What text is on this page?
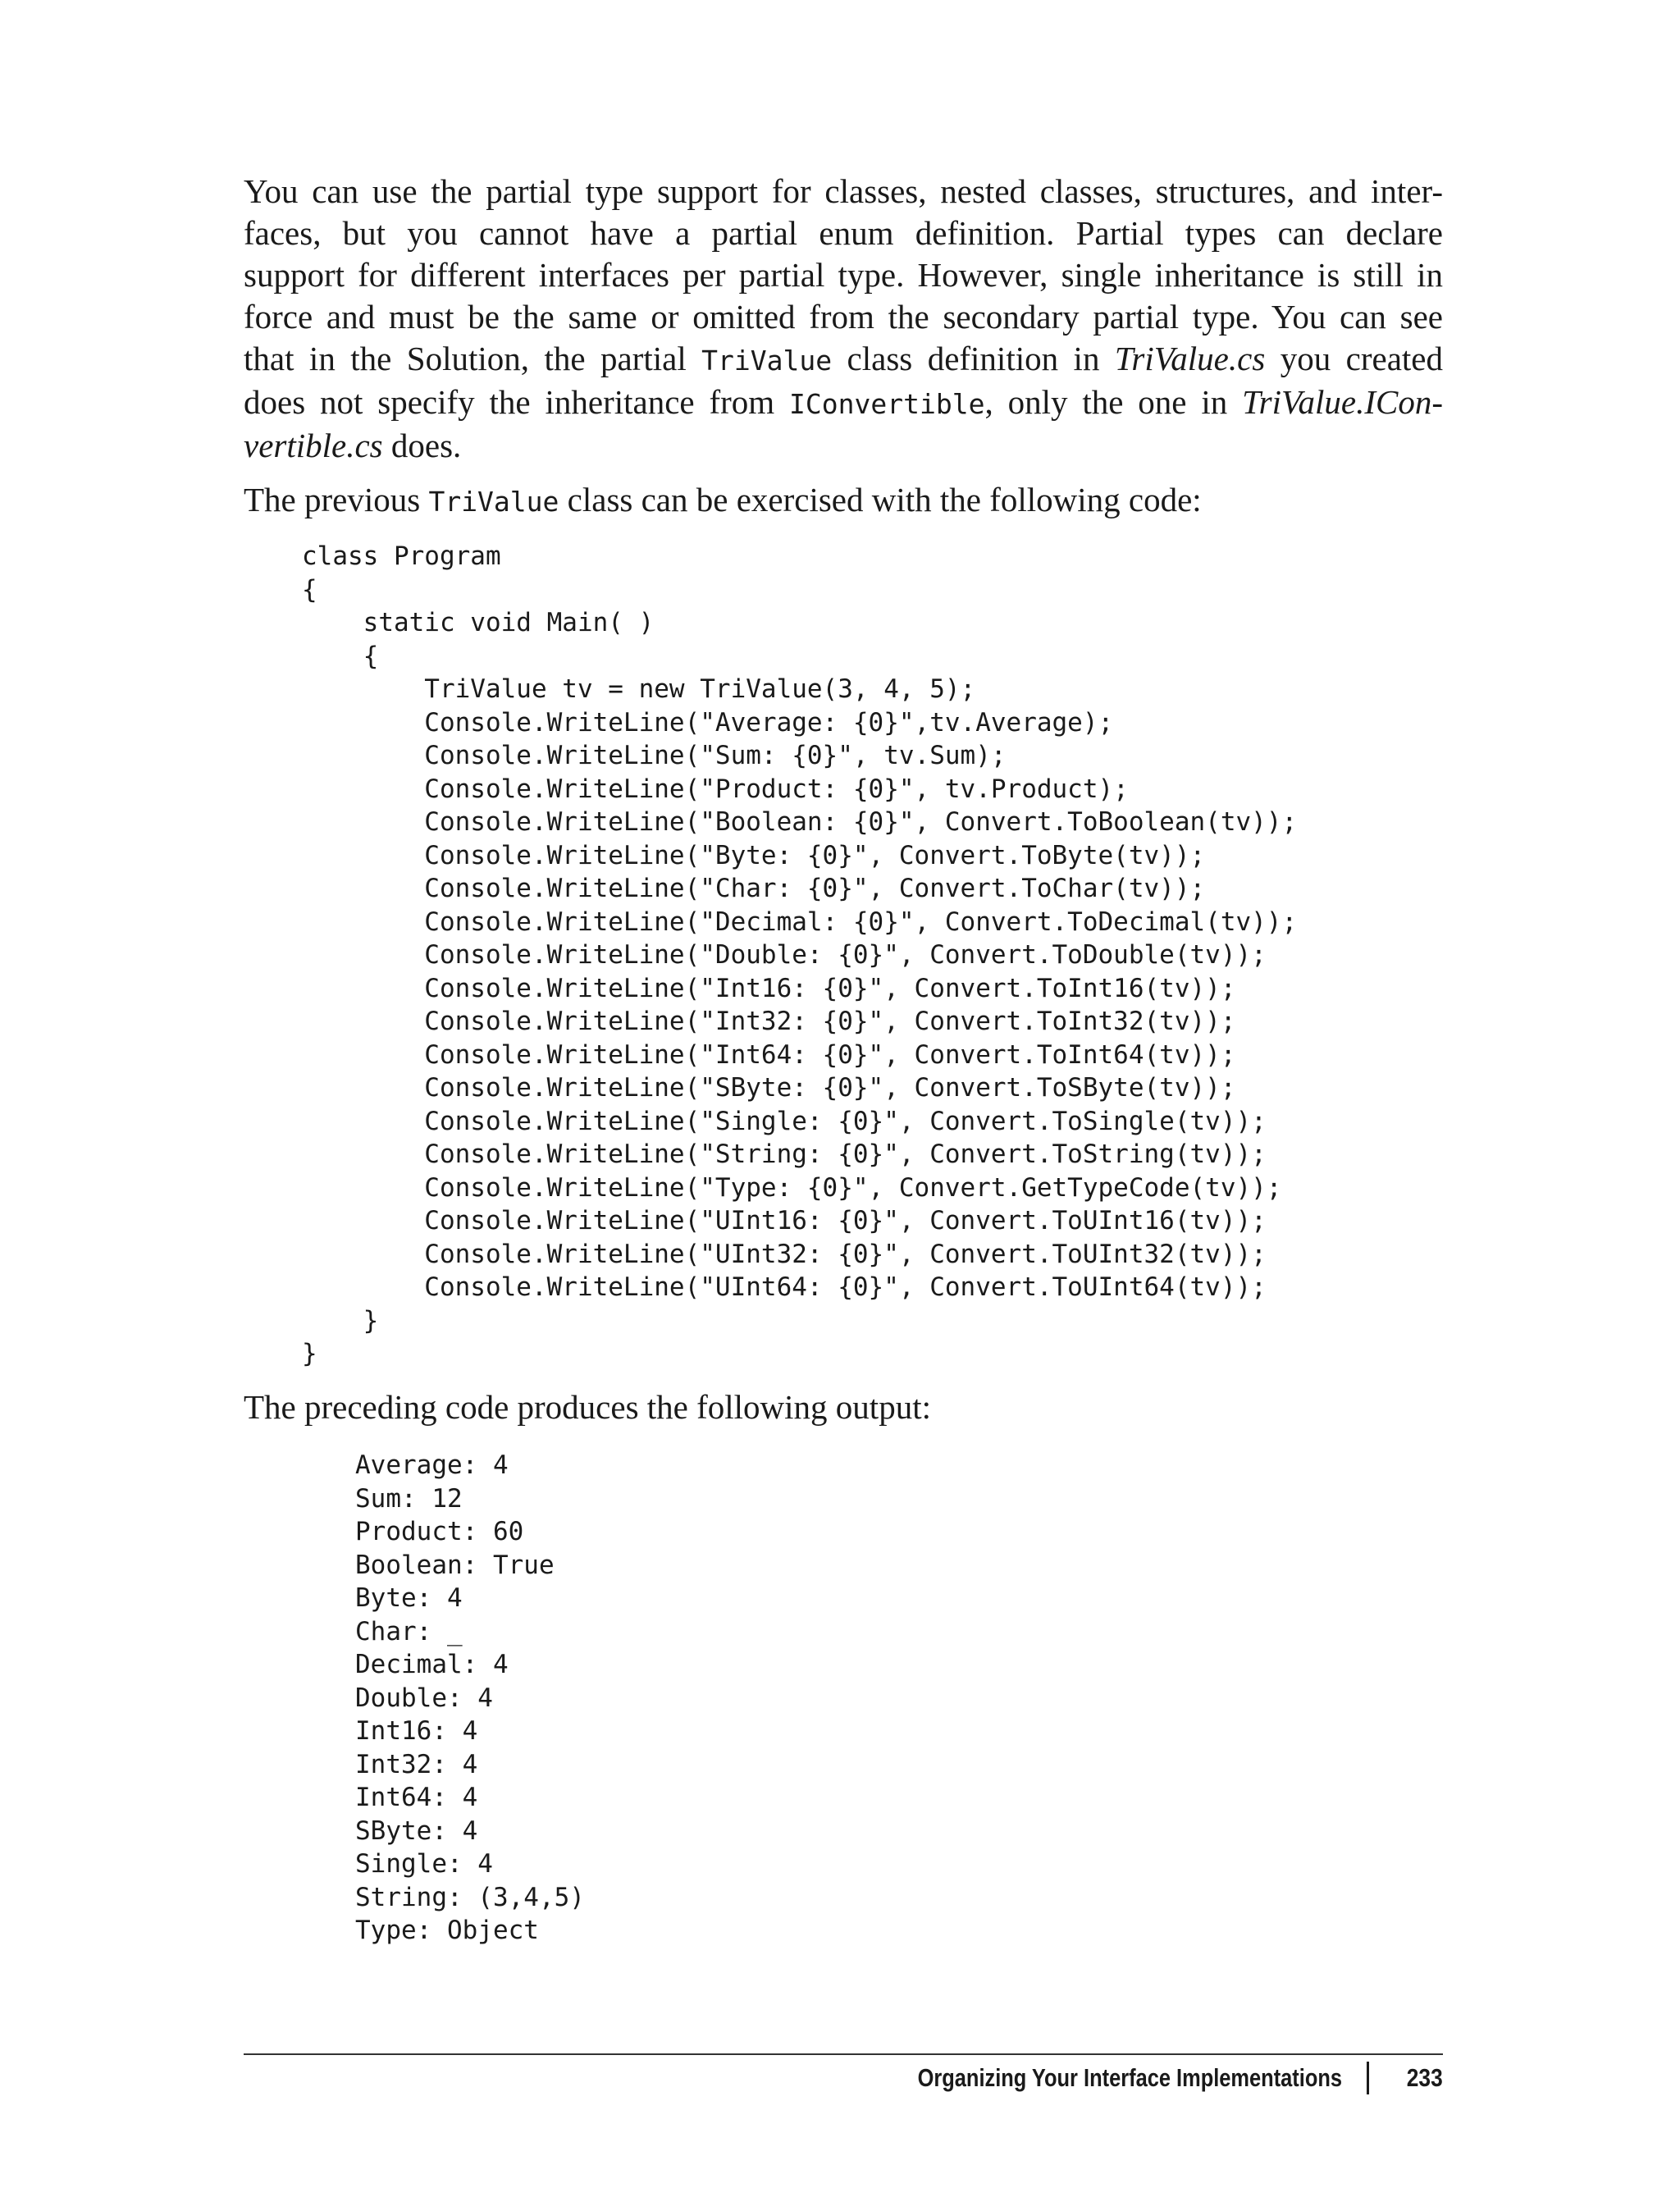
You can use the partial type support for classes, nested classes, structures, and inter-
faces, but you cannot have a partial enum definition. Partial types can declare
support for different interfaces per partial type. However, single inheritance is still in
force and must be the same or omitted from the secondary partial type. You can see
that in the Solution, the partial TriValue class definition in TriValue.cs you created
does not specify the inheritance from IConvertible, only the one in TriValue.ICon-
vertible.cs does.

The previous TriValue class can be exercised with the following code:

class Program
{
static void Main( )
{
TriValue tv = new TriValue(3, 4, 5);
Console.WriteLine("Average: {0}",tv.Average);
Console.WriteLine("Sum: {0}", tv.Sum);
Console.WriteLine("Product: {0}", tv.Product);
Console.WriteLine("Boolean: {0}", Convert.ToBoolean(tv));
Console.WriteLine("Byte: {0}", Convert.ToByte(tv));
Console.WriteLine("Char: {0}", Convert.ToChar(tv));
Console.WriteLine("Decimal: {0}", Convert.ToDecimal(tv));
Console.WriteLine("Double: {0}", Convert.ToDouble(tv));
Console.WriteLine("Int16: {0}", Convert.ToInt16(tv));
Console.WriteLine("Int32: {0}", Convert.ToInt32(tv));
Console.WriteLine("Int64: {0}", Convert.ToInt64(tv));
Console.WriteLine("SByte: {0}", Convert.ToSByte(tv));
Console.WriteLine("Single: {0}", Convert.ToSingle(tv));
Console.WriteLine("String: {0}", Convert.ToString(tv));
Console.WriteLine("Type: {0}", Convert.GetTypeCode(tv));
Console.WriteLine("UInt16: {0}", Convert.ToUInt16(tv));
Console.WriteLine("UInt32: {0}", Convert.ToUInt32(tv));
Console.WriteLine("UInt64: {0}", Convert.ToUInt64(tv));
}
}

The preceding code produces the following output:

Average: 4
Sum: 12
Product: 60
Boolean: True
Byte: 4
Char: _
Decimal: 4
Double: 4
Int16: 4
Int32: 4
Int64: 4
SByte: 4
Single: 4
String: (3,4,5)
Type: Object
Organizing Your Interface Implementations	233
